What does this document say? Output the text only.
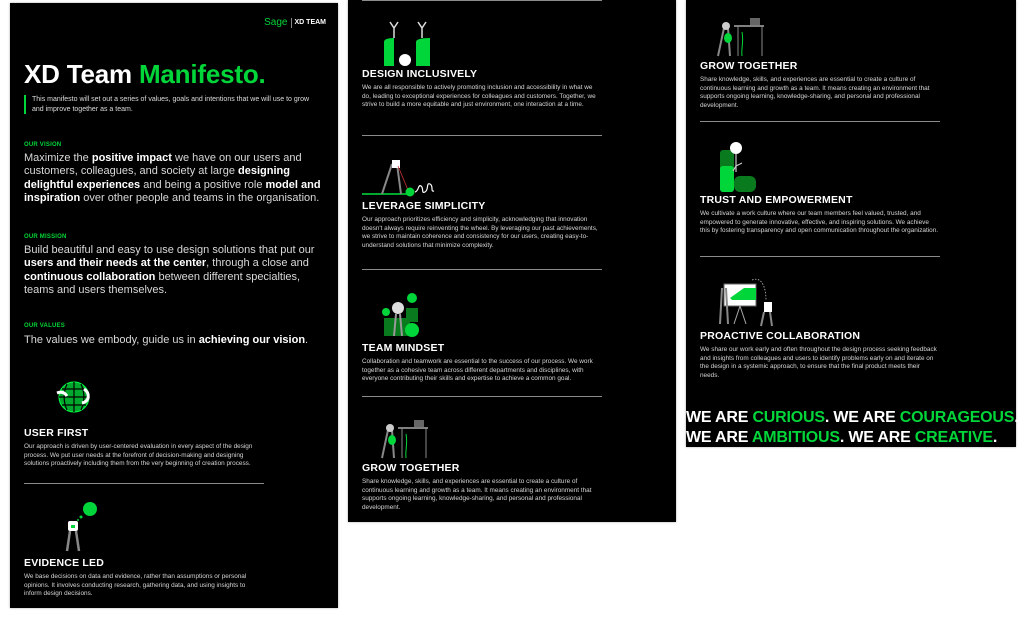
Sage XD TEAM
XD Team Manifesto.
This manifesto will set out a series of values, goals and intentions that we will use to grow and improve together as a team.
OUR VISION
Maximize the positive impact we have on our users and customers, colleagues, and society at large designing delightful experiences and being a positive role model and inspiration over other people and teams in the organisation.
OUR MISSION
Build beautiful and easy to use design solutions that put our users and their needs at the center, through a close and continuous collaboration between different specialties, teams and users themselves.
OUR VALUES
The values we embody, guide us in achieving our vision.
USER FIRST

Our approach is driven by user-centered evaluation in every aspect of the design process. We put user needs at the forefront of decision-making and designing solutions proactively including them from the very beginning of creation process.

EVIDENCE LED

We base decisions on data and evidence, rather than assumptions or personal opinions. It involves conducting research, gathering data, and using insights to inform design decisions.

DESIGN INCLUSIVELY

We are all responsible to actively promoting inclusion and accessibility in what we do, leading to exceptional experiences for colleagues and customers. Together, we strive to build a more equitable and just environment, one interaction at a time.

LEVERAGE SIMPLICITY

Our approach prioritizes efficiency and simplicity, acknowledging that innovation doesn't always require reinventing the wheel. By leveraging our past achievements, we strive to maintain coherence and consistency for our users, creating easy-to-understand solutions that minimize complexity.

TEAM MINDSET

Collaboration and teamwork are essential to the success of our process. We work together as a cohesive team across different departments and disciplines, with everyone contributing their skills and expertise to achieve a common goal.

GROW TOGETHER

Share knowledge, skills, and experiences are essential to create a culture of continuous learning and growth as a team. It means creating an environment that supports ongoing learning, knowledge-sharing, and personal and professional development.

GROW TOGETHER

Share knowledge, skills, and experiences are essential to create a culture of continuous learning and growth as a team. It means creating an environment that supports ongoing learning, knowledge-sharing, and personal and professional development.

TRUST AND EMPOWERMENT

We cultivate a work culture where our team members feel valued, trusted, and empowered to generate innovative, effective, and inspiring solutions. We achieve this by fostering transparency and open communication throughout the organization.

PROACTIVE COLLABORATION

We share our work early and often throughout the design process seeking feedback and insights from colleagues and users to identify problems early on and iterate on the design in a systemic approach, to ensure that the final product meets their needs.

WE ARE CURIOUS. WE ARE COURAGEOUS.
WE ARE AMBITIOUS. WE ARE CREATIVE.
